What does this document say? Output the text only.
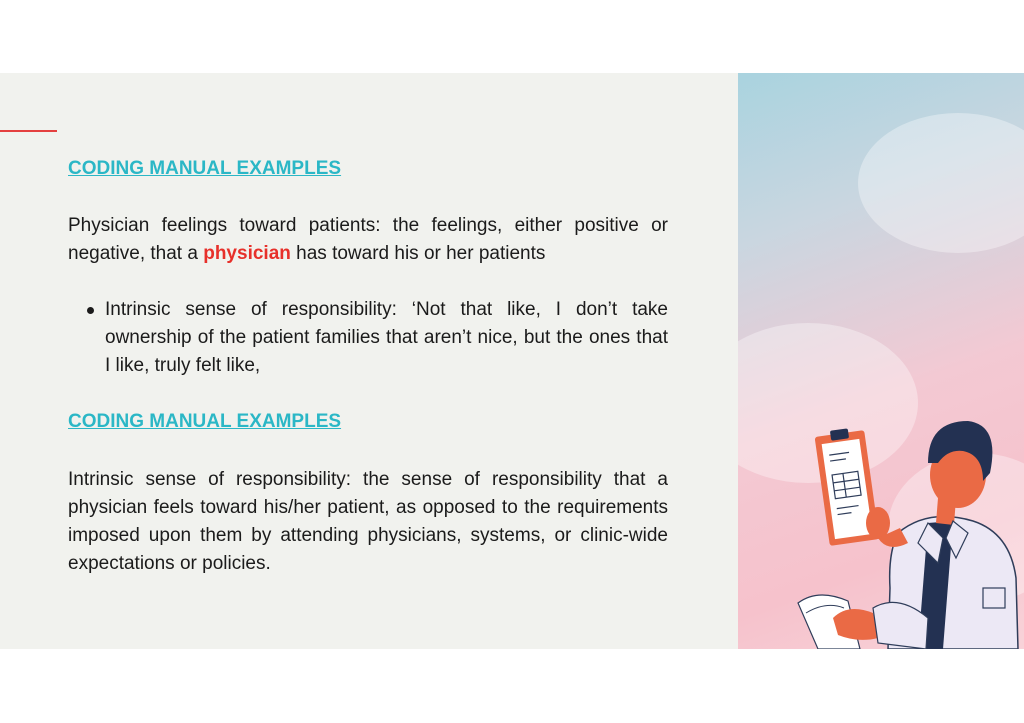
CODING MANUAL EXAMPLES

Physician feelings toward patients: the feelings, either positive or negative, that a physician has toward his or her patients

Intrinsic sense of responsibility: ‘Not that like, I don’t take ownership of the patient families that aren’t nice, but the ones that I like, truly felt like,
CODING MANUAL EXAMPLES

Intrinsic sense of responsibility: the sense of responsibility that a physician feels toward his/her patient, as opposed to the requirements imposed upon them by attending physicians, systems, or clinic-wide expectations or policies.
